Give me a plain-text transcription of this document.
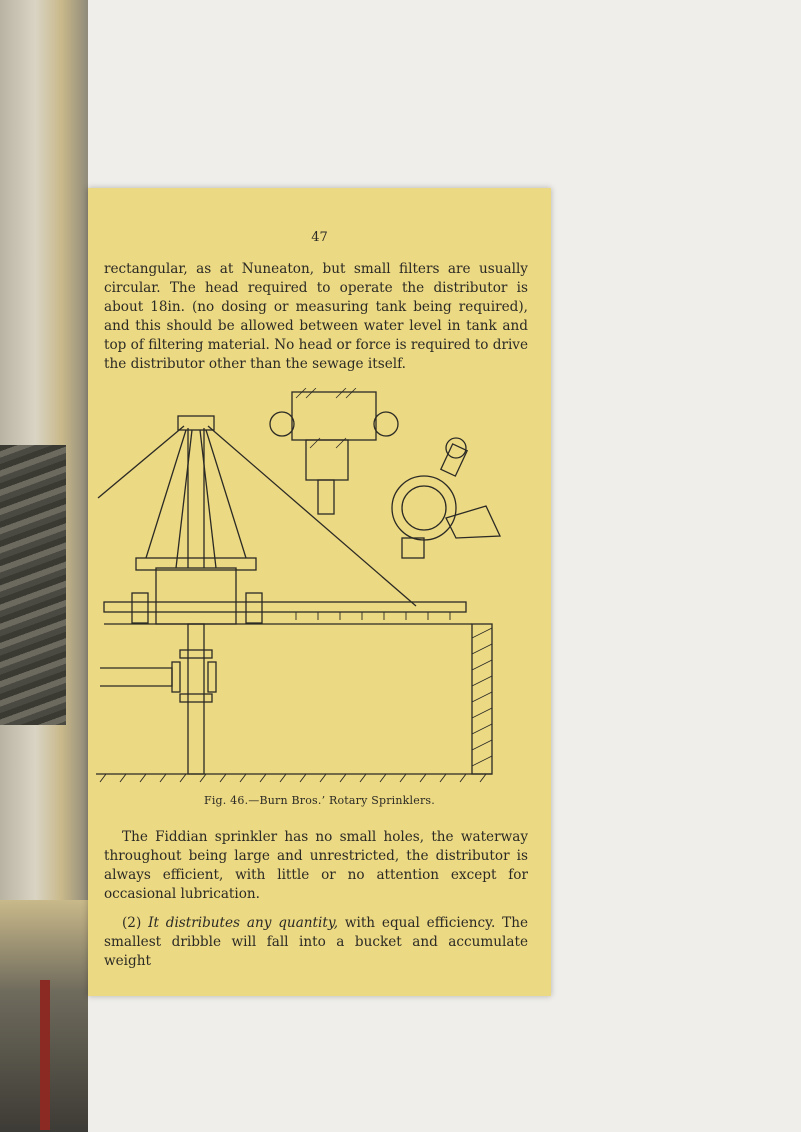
47

rectangular, as at Nuneaton, but small filters are usually circular. The head required to operate the distributor is about 18in. (no dosing or measuring tank being required), and this should be allowed between water level in tank and top of filtering material. No head or force is required to drive the distributor other than the sewage itself.

Fig. 46.—Burn Bros.’ Rotary Sprinklers.

The Fiddian sprinkler has no small holes, the waterway throughout being large and unrestricted, the distributor is always efficient, with little or no attention except for occasional lubrication.

(2) It distributes any quantity, with equal efficiency. The smallest dribble will fall into a bucket and accumulate weight
